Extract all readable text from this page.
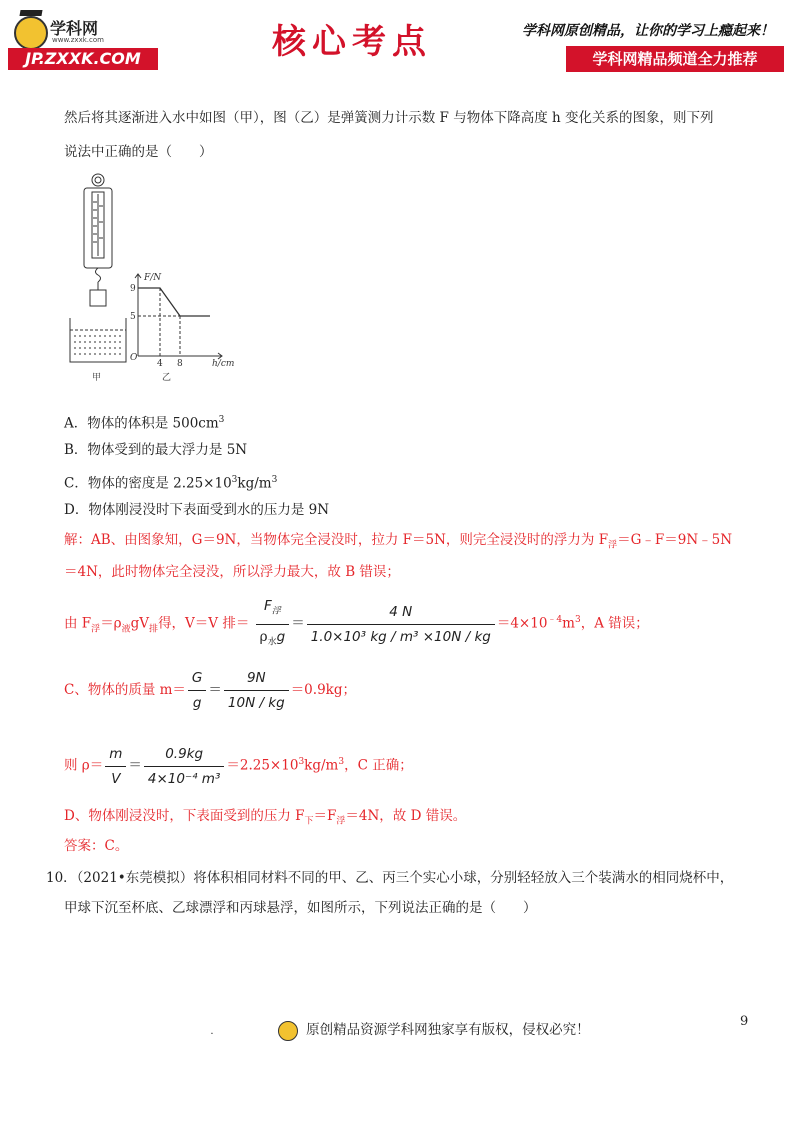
学科网
www.zxxk.com
JP.ZXXK.COM	核心考点	学科网原创精品，让你的学习上瘾起来！
学科网精品频道全力推荐
然后将其逐渐进入水中如图（甲），图（乙）是弹簧测力计示数 F 与物体下降高度 h 变化关系的图象，则下列
说法中正确的是（　　）
F/N
9
5
O
4 8	h/cm
甲	乙
A．物体的体积是 $500cm^3$
B．物体受到的最大浮力是 5N
C．物体的密度是 $2.25\times 10^3kg/m^3$
D．物体刚浸没时下表面受到水的压力是 9N
解：AB、由图象知，G＝9N，当物体完全浸没时，拉力 F＝5N，则完全浸没时的浮力为 $F_浮=G﹣F=9N﹣5N$
＝4N，此时物体完全浸没，所以浮力最大，故 B 错误；
由 $F_浮=\rho_液gV_排$得，V＝V 排＝ $\frac{F_浮}{\rho_水g} = \frac{4 N}{\text{1.0×10³ kg / m³ ×10N / kg}} =4\times 10^{﹣4}m^3$，A 错误；
C、物体的质量 $m= \frac{G}{g} = \frac{9N}{10N / kg} =0.9kg$；
则 $\rho= \frac{m}{V} = \frac{0.9kg}{\text{4×10⁻⁴ m³}} =2.25\times 10^3kg/m^3$，C 正确；
D、物体刚浸没时，下表面受到的压力 $F_下=F_浮=4N$，故 D 错误。
答案：C。
10．（2021•东莞模拟）将体积相同材料不同的甲、乙、丙三个实心小球，分别轻轻放入三个装满水的相同烧杯中，
甲球下沉至杯底、乙球漂浮和丙球悬浮，如图所示，下列说法正确的是（　　）
9
.	原创精品资源学科网独家享有版权，侵权必究！
